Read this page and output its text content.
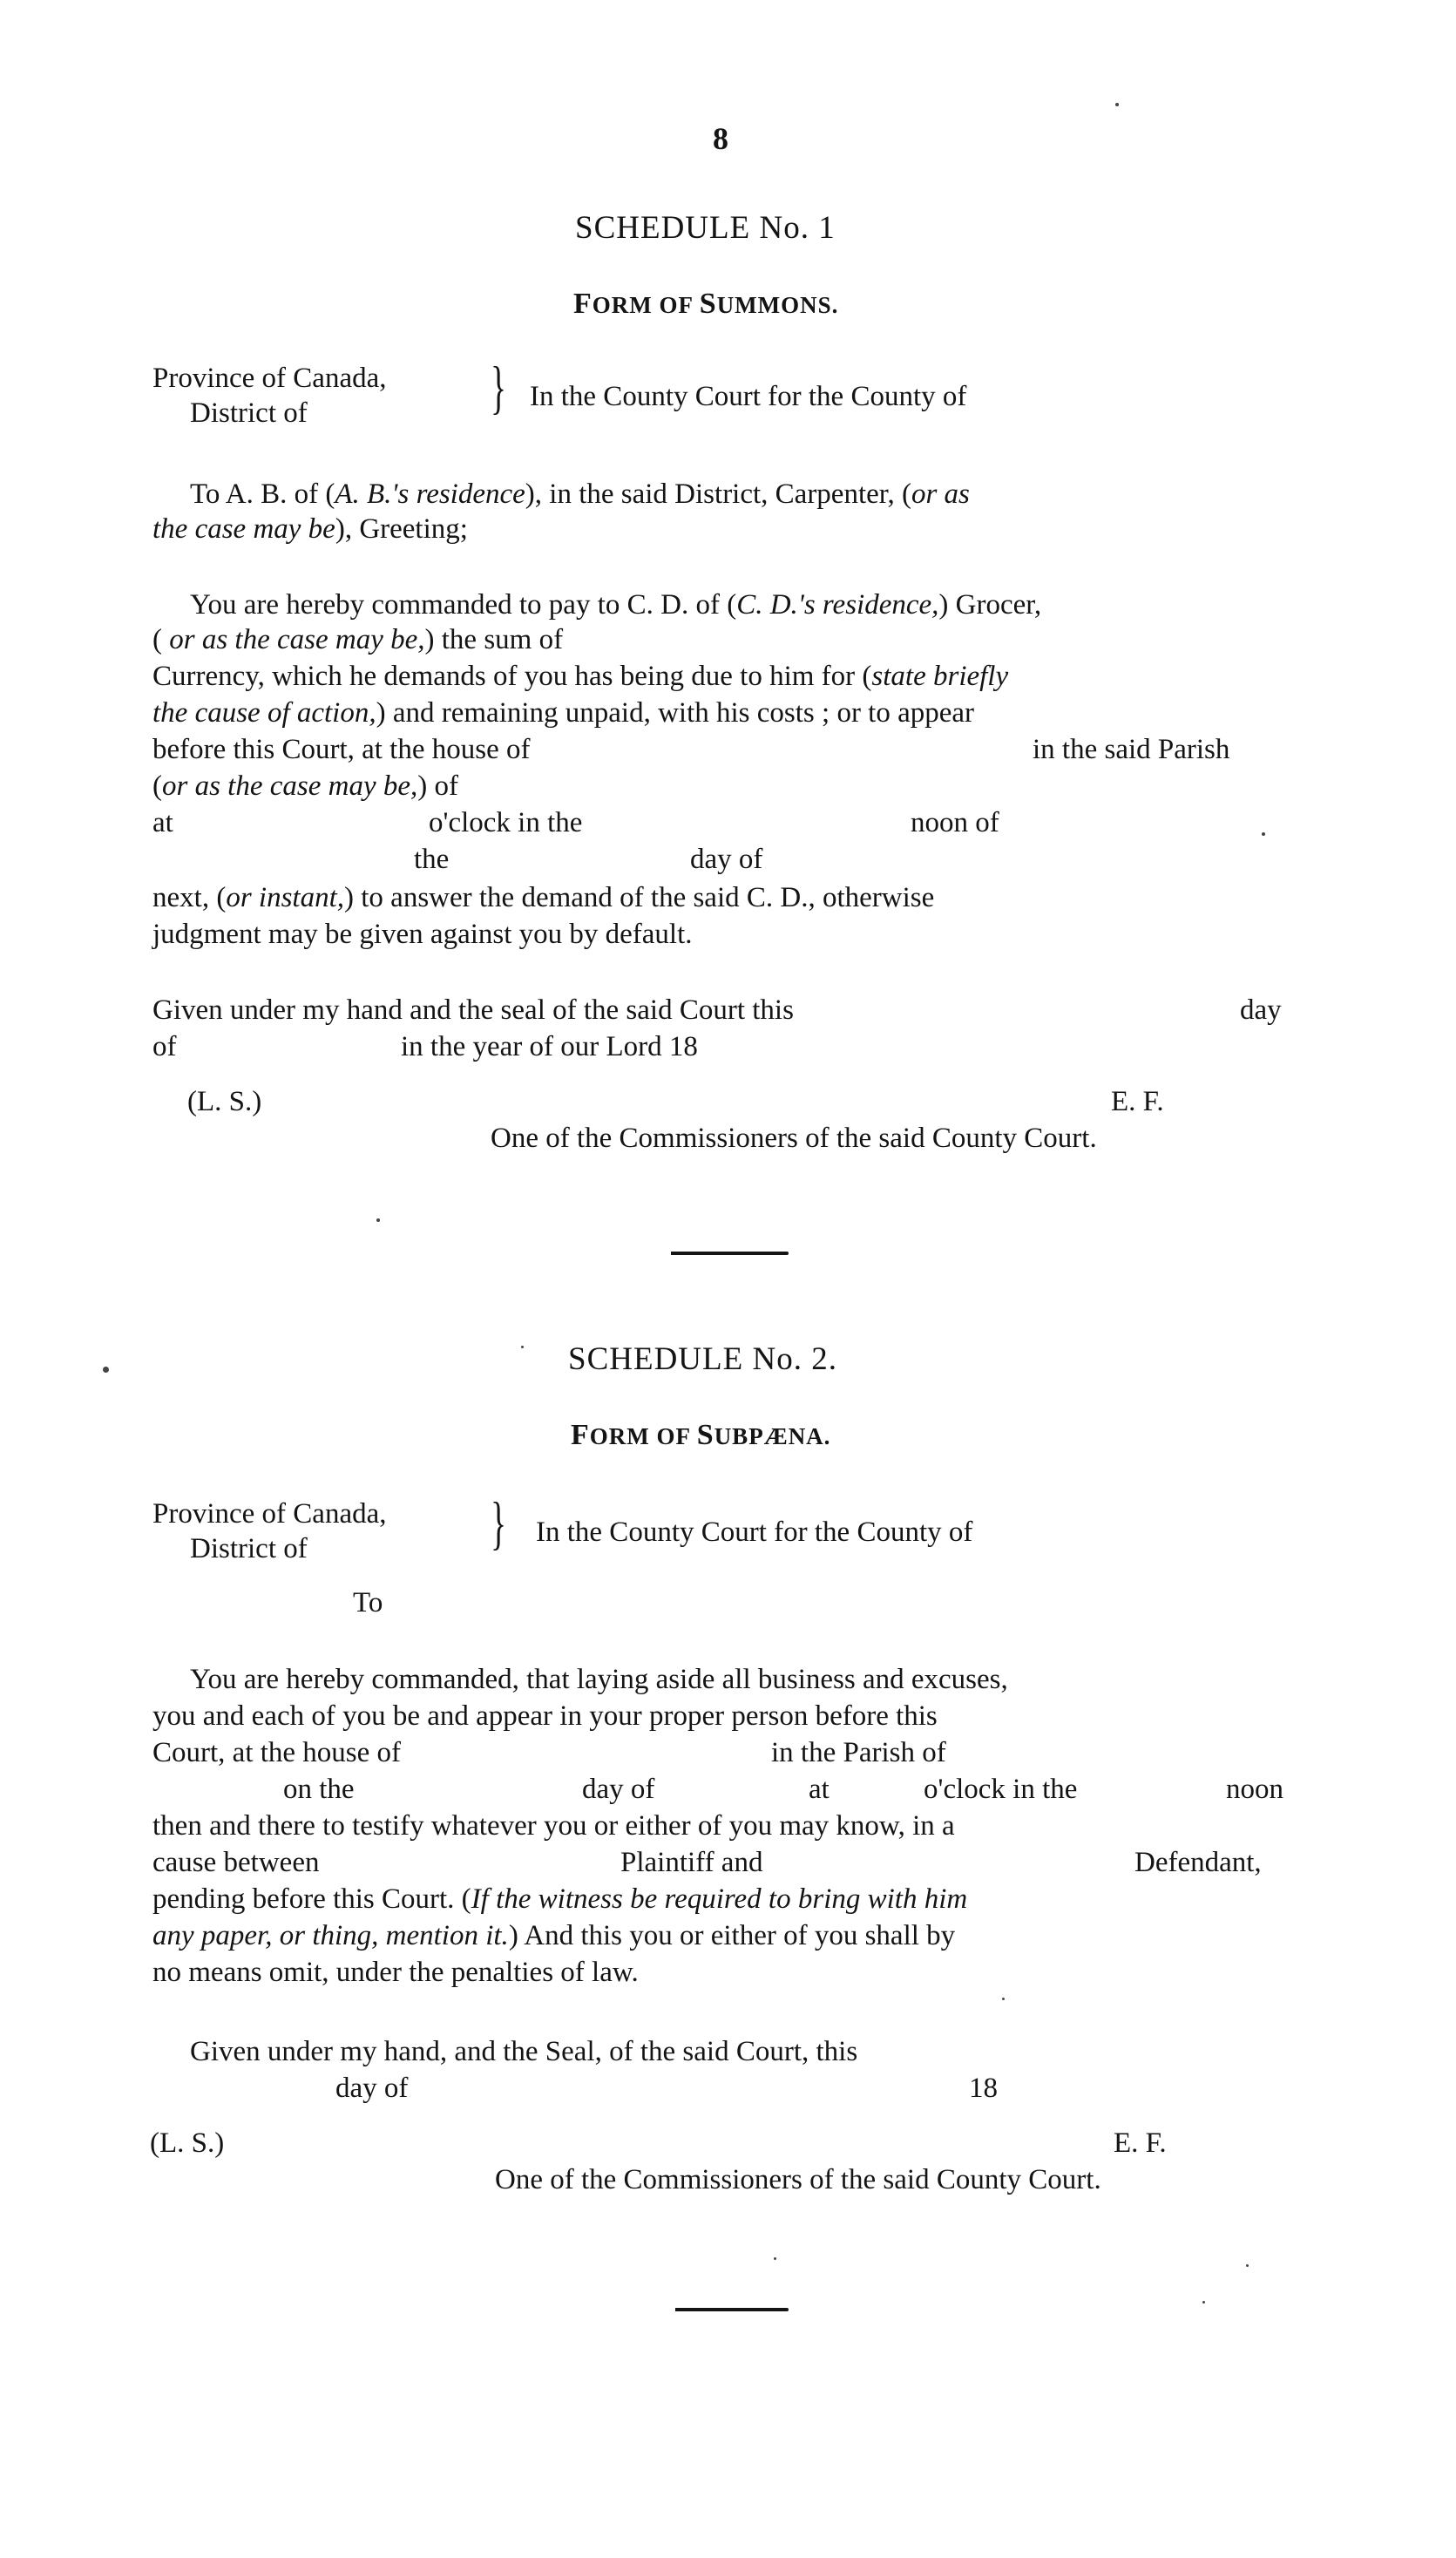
8
SCHEDULE No. 1
FORM OF SUMMONS.
Province of Canada,
District of	} In the County Court for the County of
To A. B. of (A. B.'s residence), in the said District, Carpenter, (or as
the case may be), Greeting;
You are hereby commanded to pay to C. D. of (C. D.'s residence,) Grocer,
( or as the case may be,) the sum of
Currency, which he demands of you has being due to him for (state briefly
the cause of action,) and remaining unpaid, with his costs ; or to appear
before this Court, at the house of	in the said Parish
(or as the case may be,) of
at	o'clock in the	noon of
the	day of
next, (or instant,) to answer the demand of the said C. D., otherwise
judgment may be given against you by default.
Given under my hand and the seal of the said Court this	day
of	in the year of our Lord 18
(L. S.)	E. F.
One of the Commissioners of the said County Court.
SCHEDULE No. 2.
FORM OF SUBPÆNA.
Province of Canada,
District of	} In the County Court for the County of
To
You are hereby commanded, that laying aside all business and excuses,
you and each of you be and appear in your proper person before this
Court, at the house of	in the Parish of
on the	day of	at	o'clock in the	noon
then and there to testify whatever you or either of you may know, in a
cause between	Plaintiff and	Defendant,
pending before this Court. (If the witness be required to bring with him
any paper, or thing, mention it.) And this you or either of you shall by
no means omit, under the penalties of law.
Given under my hand, and the Seal, of the said Court, this
day of	18
(L. S.)	E. F.
One of the Commissioners of the said County Court.
